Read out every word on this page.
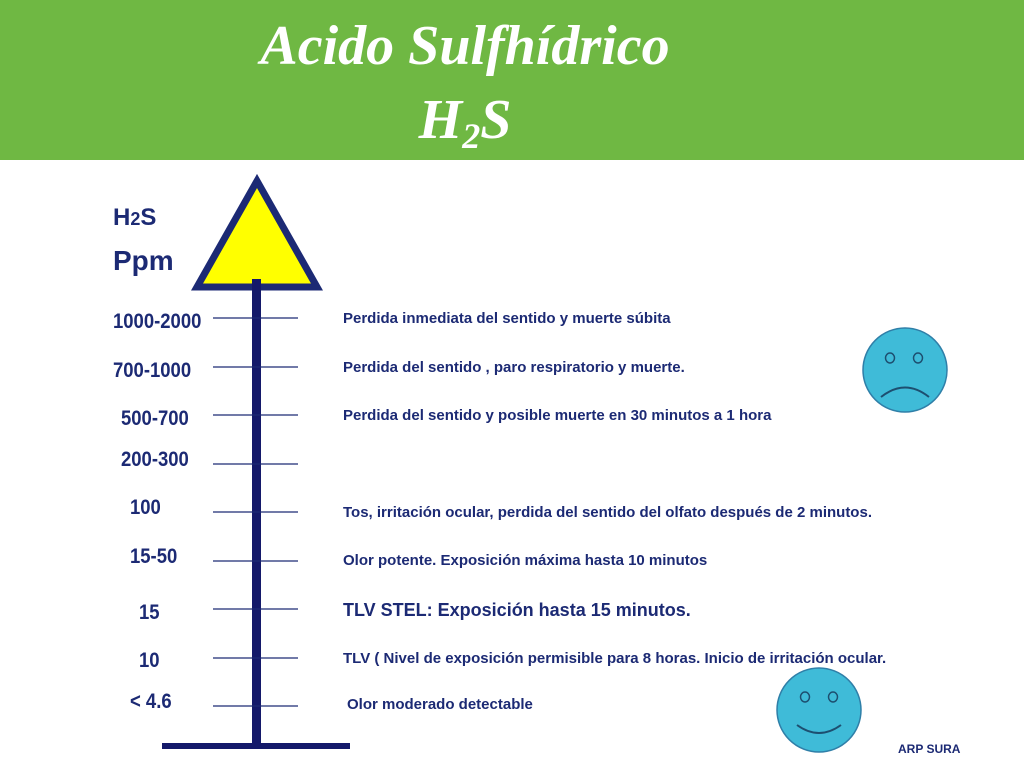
Acido Sulfhídrico
$H_2S$
H2S
Ppm
1000-2000
700-1000
500-700
200-300
100
15-50
15
10
< 4.6
Perdida inmediata del sentido y muerte súbita
Perdida del sentido , paro respiratorio y muerte.
Perdida del sentido y posible muerte en 30 minutos a 1 hora
Tos, irritación ocular, perdida del sentido del olfato después de 2 minutos.
Olor potente. Exposición máxima hasta 10 minutos
TLV STEL: Exposición hasta 15 minutos.
TLV ( Nivel de exposición permisible para 8 horas. Inicio de irritación ocular.
Olor moderado detectable
ARP SURA
